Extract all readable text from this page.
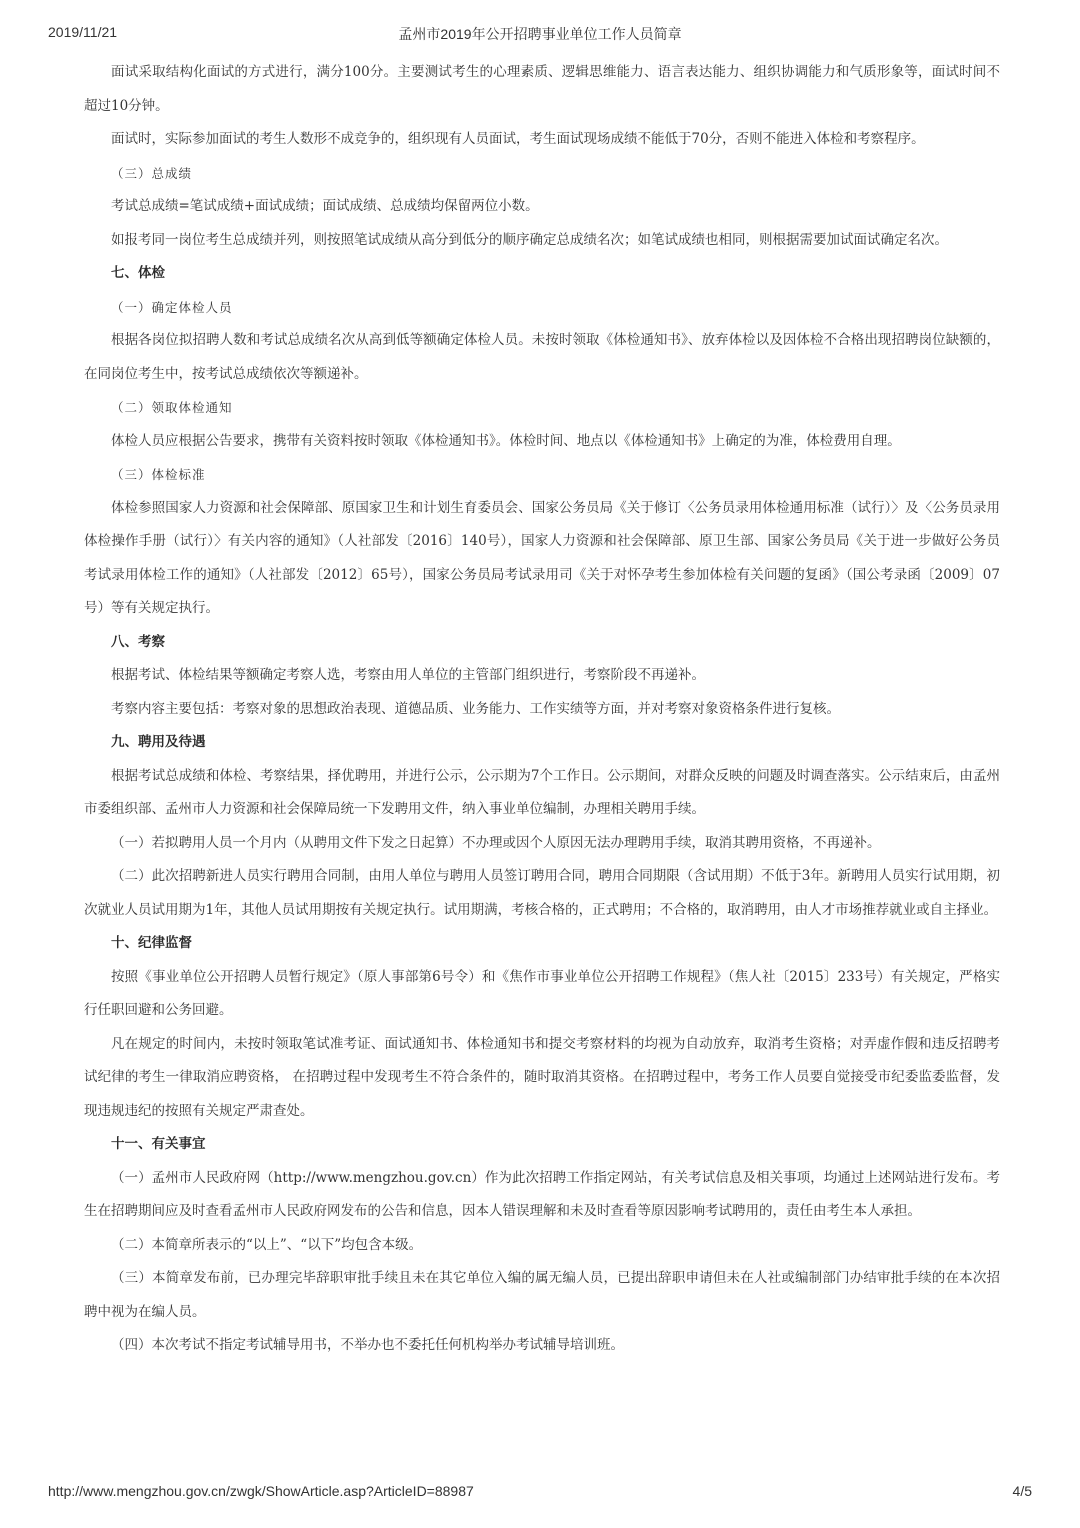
2019/11/21	孟州市2019年公开招聘事业单位工作人员简章

面试采取结构化面试的方式进行，满分100分。主要测试考生的心理素质、逻辑思维能力、语言表达能力、组织协调能力和气质形象等，面试时间不超过10分钟。

面试时，实际参加面试的考生人数形不成竞争的，组织现有人员面试，考生面试现场成绩不能低于70分，否则不能进入体检和考察程序。

（三）总成绩

考试总成绩=笔试成绩+面试成绩；面试成绩、总成绩均保留两位小数。

如报考同一岗位考生总成绩并列，则按照笔试成绩从高分到低分的顺序确定总成绩名次；如笔试成绩也相同，则根据需要加试面试确定名次。

七、体检

（一）确定体检人员

根据各岗位拟招聘人数和考试总成绩名次从高到低等额确定体检人员。未按时领取《体检通知书》、放弃体检以及因体检不合格出现招聘岗位缺额的，在同岗位考生中，按考试总成绩依次等额递补。

（二）领取体检通知

体检人员应根据公告要求，携带有关资料按时领取《体检通知书》。体检时间、地点以《体检通知书》上确定的为准，体检费用自理。

（三）体检标准

体检参照国家人力资源和社会保障部、原国家卫生和计划生育委员会、国家公务员局《关于修订〈公务员录用体检通用标准（试行）〉及〈公务员录用体检操作手册（试行）〉有关内容的通知》（人社部发〔2016〕140号），国家人力资源和社会保障部、原卫生部、国家公务员局《关于进一步做好公务员考试录用体检工作的通知》（人社部发〔2012〕65号），国家公务员局考试录用司《关于对怀孕考生参加体检有关问题的复函》（国公考录函〔2009〕07号）等有关规定执行。

八、考察

根据考试、体检结果等额确定考察人选，考察由用人单位的主管部门组织进行，考察阶段不再递补。

考察内容主要包括：考察对象的思想政治表现、道德品质、业务能力、工作实绩等方面，并对考察对象资格条件进行复核。

九、聘用及待遇

根据考试总成绩和体检、考察结果，择优聘用，并进行公示，公示期为7个工作日。公示期间，对群众反映的问题及时调查落实。公示结束后，由孟州市委组织部、孟州市人力资源和社会保障局统一下发聘用文件，纳入事业单位编制，办理相关聘用手续。

（一）若拟聘用人员一个月内（从聘用文件下发之日起算）不办理或因个人原因无法办理聘用手续，取消其聘用资格，不再递补。

（二）此次招聘新进人员实行聘用合同制，由用人单位与聘用人员签订聘用合同，聘用合同期限（含试用期）不低于3年。新聘用人员实行试用期，初次就业人员试用期为1年，其他人员试用期按有关规定执行。试用期满，考核合格的，正式聘用；不合格的，取消聘用，由人才市场推荐就业或自主择业。

十、纪律监督

按照《事业单位公开招聘人员暂行规定》（原人事部第6号令）和《焦作市事业单位公开招聘工作规程》（焦人社〔2015〕233号）有关规定，严格实行任职回避和公务回避。

凡在规定的时间内，未按时领取笔试准考证、面试通知书、体检通知书和提交考察材料的均视为自动放弃，取消考生资格；对弄虚作假和违反招聘考试纪律的考生一律取消应聘资格， 在招聘过程中发现考生不符合条件的，随时取消其资格。在招聘过程中，考务工作人员要自觉接受市纪委监委监督，发现违规违纪的按照有关规定严肃查处。

十一、有关事宜

（一）孟州市人民政府网（http://www.mengzhou.gov.cn）作为此次招聘工作指定网站，有关考试信息及相关事项，均通过上述网站进行发布。考生在招聘期间应及时查看孟州市人民政府网发布的公告和信息，因本人错误理解和未及时查看等原因影响考试聘用的，责任由考生本人承担。

（二）本简章所表示的“以上”、“以下”均包含本级。

（三）本简章发布前，已办理完毕辞职审批手续且未在其它单位入编的属无编人员，已提出辞职申请但未在人社或编制部门办结审批手续的在本次招聘中视为在编人员。

（四）本次考试不指定考试辅导用书，不举办也不委托任何机构举办考试辅导培训班。

http://www.mengzhou.gov.cn/zwgk/ShowArticle.asp?ArticleID=88987	4/5
